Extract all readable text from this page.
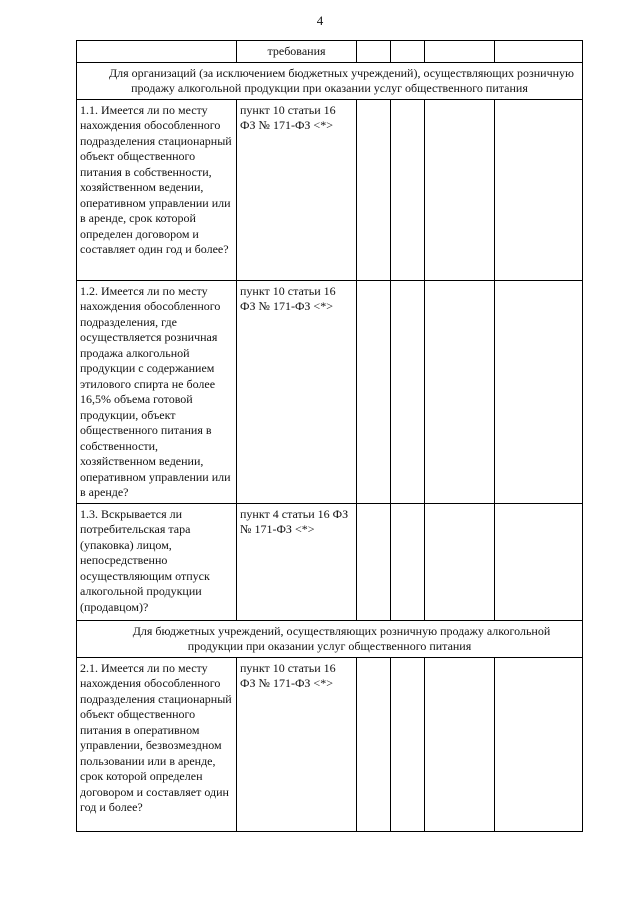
4
	требования				
Для организаций (за исключением бюджетных учреждений), осуществляющих розничную продажу алкогольной продукции при оказании услуг общественного питания					
1.1. Имеется ли по месту нахождения обособленного подразделения стационарный объект общественного питания в собственности, хозяйственном ведении, оперативном управлении или в аренде, срок которой определен договором и составляет один год и более?	пункт 10 статьи 16 ФЗ № 171-ФЗ <*>				
1.2. Имеется ли по месту нахождения обособленного подразделения, где осуществляется розничная продажа алкогольной продукции с содержанием этилового спирта не более 16,5% объема готовой продукции, объект общественного питания в собственности, хозяйственном ведении, оперативном управлении или в аренде?	пункт 10 статьи 16 ФЗ № 171-ФЗ <*>				
1.3. Вскрывается ли потребительская тара (упаковка) лицом, непосредственно осуществляющим отпуск алкогольной продукции (продавцом)?	пункт 4 статьи 16 ФЗ № 171-ФЗ <*>				
Для бюджетных учреждений, осуществляющих розничную продажу алкогольной продукции при оказании услуг общественного питания					
2.1. Имеется ли по месту нахождения обособленного подразделения стационарный объект общественного питания в оперативном управлении, безвозмездном пользовании или в аренде, срок которой определен договором и составляет один год и более?	пункт 10 статьи 16 ФЗ № 171-ФЗ <*>				
